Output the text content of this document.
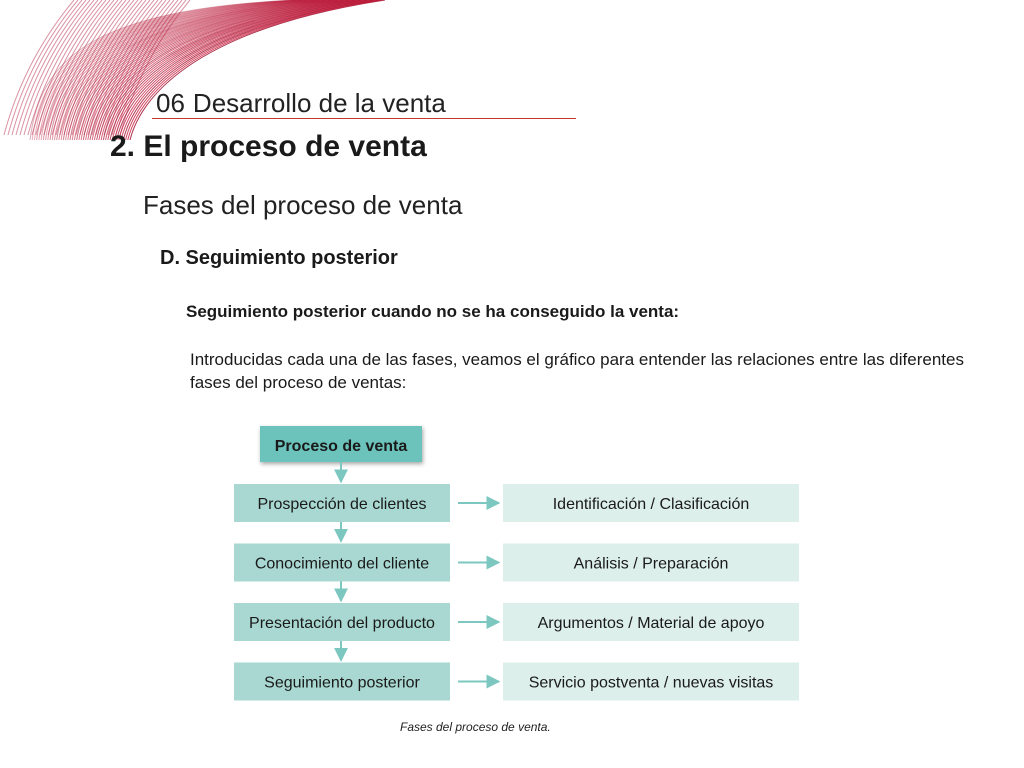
06 Desarrollo de la venta
2. El proceso de venta
Fases del proceso de venta
D. Seguimiento posterior
Seguimiento posterior cuando no se ha conseguido la venta:
Introducidas cada una de las fases, veamos el gráfico para entender las relaciones entre las diferentes fases del proceso de ventas:
Proceso de venta
Prospección de clientes	Identificación / Clasificación
Conocimiento del cliente	Análisis / Preparación
Presentación del producto	Argumentos / Material de apoyo
Seguimiento posterior	Servicio postventa / nuevas visitas
Fases del proceso de venta.
